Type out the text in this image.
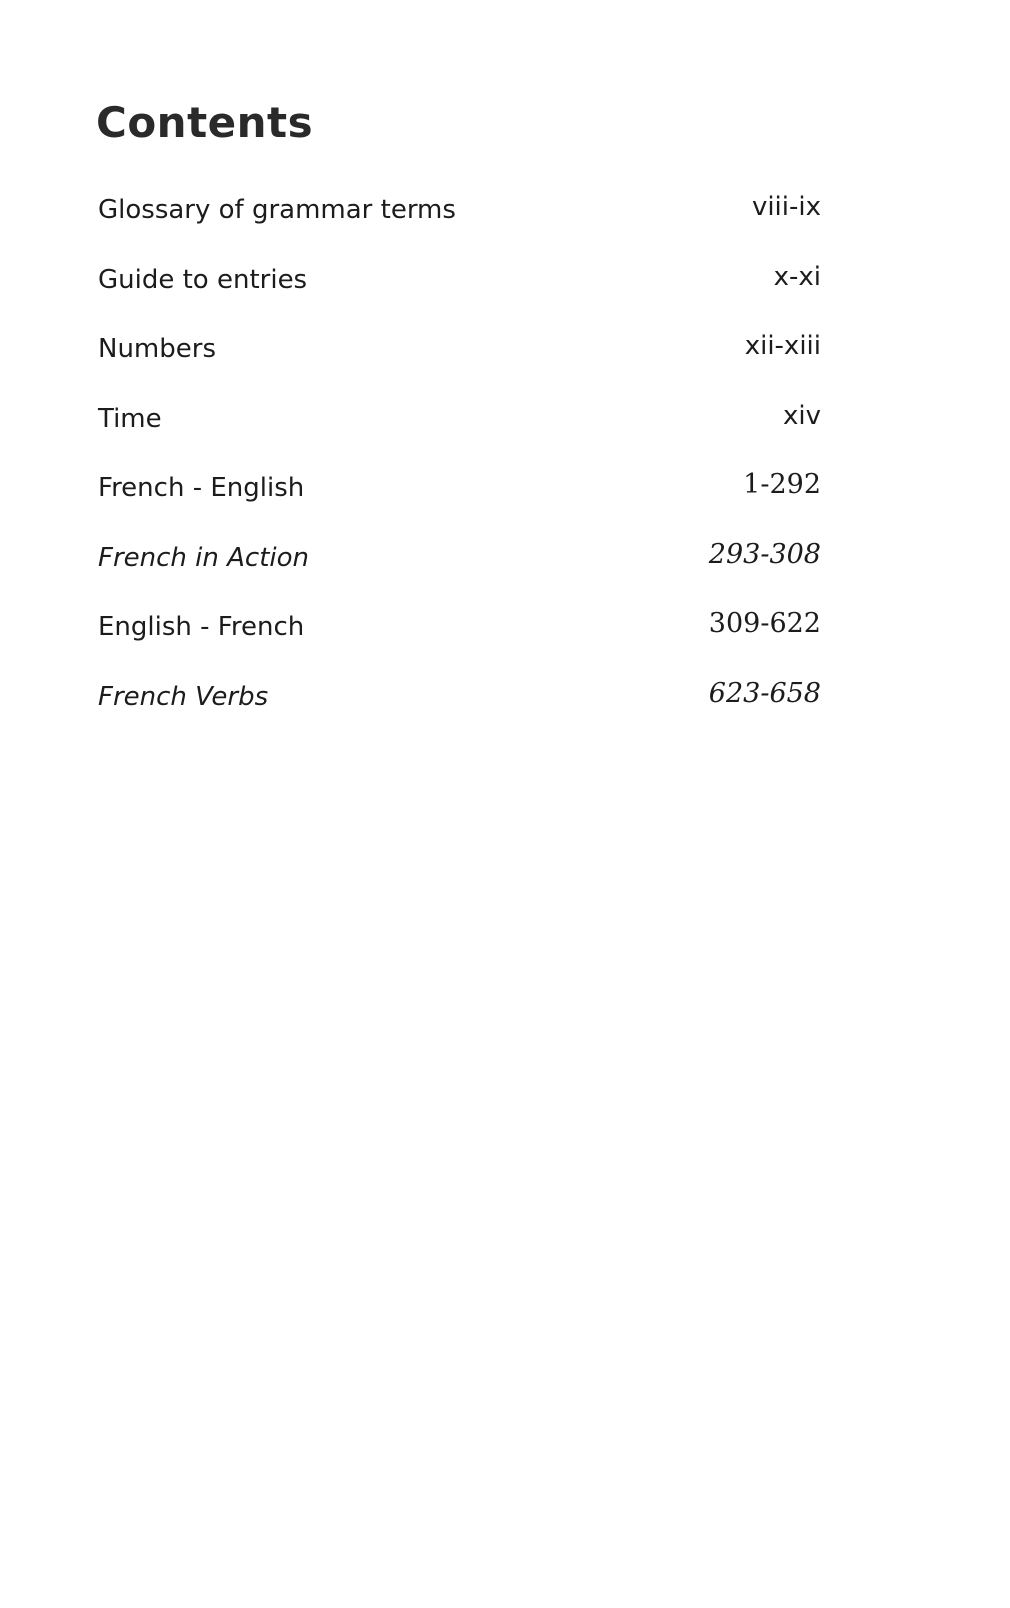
Contents
Glossary of grammar terms	viii-ix
Guide to entries	x-xi
Numbers	xii-xiii
Time	xiv
French - English	1-292
French in Action	293-308
English - French	309-622
French Verbs	623-658
